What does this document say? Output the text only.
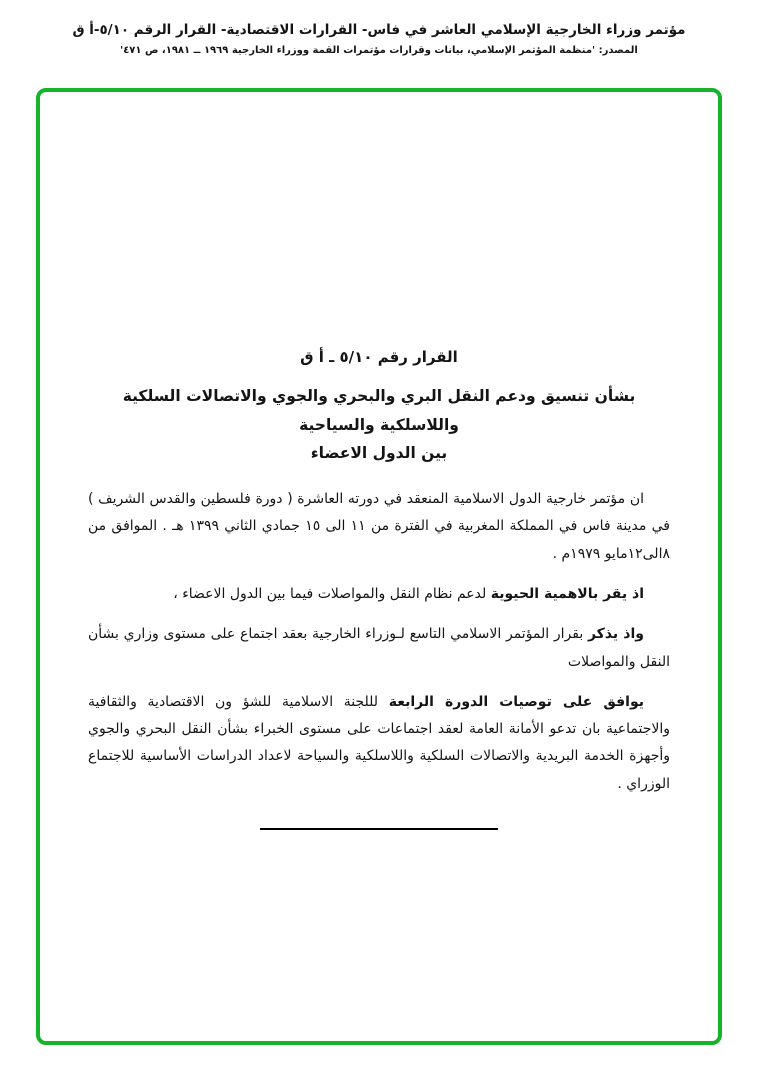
مؤتمر وزراء الخارجية الإسلامي العاشر في فاس- القرارات الاقتصادية- القرار الرقم ٥/١٠-أ ق
المصدر: 'منظمة المؤتمر الإسلامي، بيانات وقرارات مؤتمرات القمة ووزراء الخارجية ١٩٦٩ ــ ١٩٨١، ص ٤٧١'
القرار رقم ٥/١٠ ـ أ ق
بشأن تنسيق ودعم النقل البري والبحري والجوي والاتصالات السلكية واللاسلكية والسياحية
بين الدول الاعضاء

ان مؤتمر خارجية الدول الاسلامية المنعقد في دورته العاشرة ( دورة فلسطين والقدس الشريف ) في مدينة فاس في المملكة المغربية في الفترة من ١١ الى ١٥ جمادي الثاني ١٣٩٩ هـ . الموافق من ٨الى١٢مايو ١٩٧٩م .

اذ يقر بالاهمية الحيوية لدعم نظام النقل والمواصلات فيما بين الدول الاعضاء ،

واذ يذكر بقرار المؤتمر الاسلامي التاسع لـوزراء الخارجية بعقد اجتماع على مستوى وزاري بشأن النقل والمواصلات

يوافق على توصيات الدورة الرابعة لللجنة الاسلامية للشؤ ون الاقتصادية والثقافية والاجتماعية بان تدعو الأمانة العامة لعقد اجتماعات على مستوى الخبراء بشأن النقل البحري والجوي وأجهزة الخدمة البريدية والاتصالات السلكية واللاسلكية والسياحة لاعداد الدراسات الأساسية للاجتماع الوزراي .
